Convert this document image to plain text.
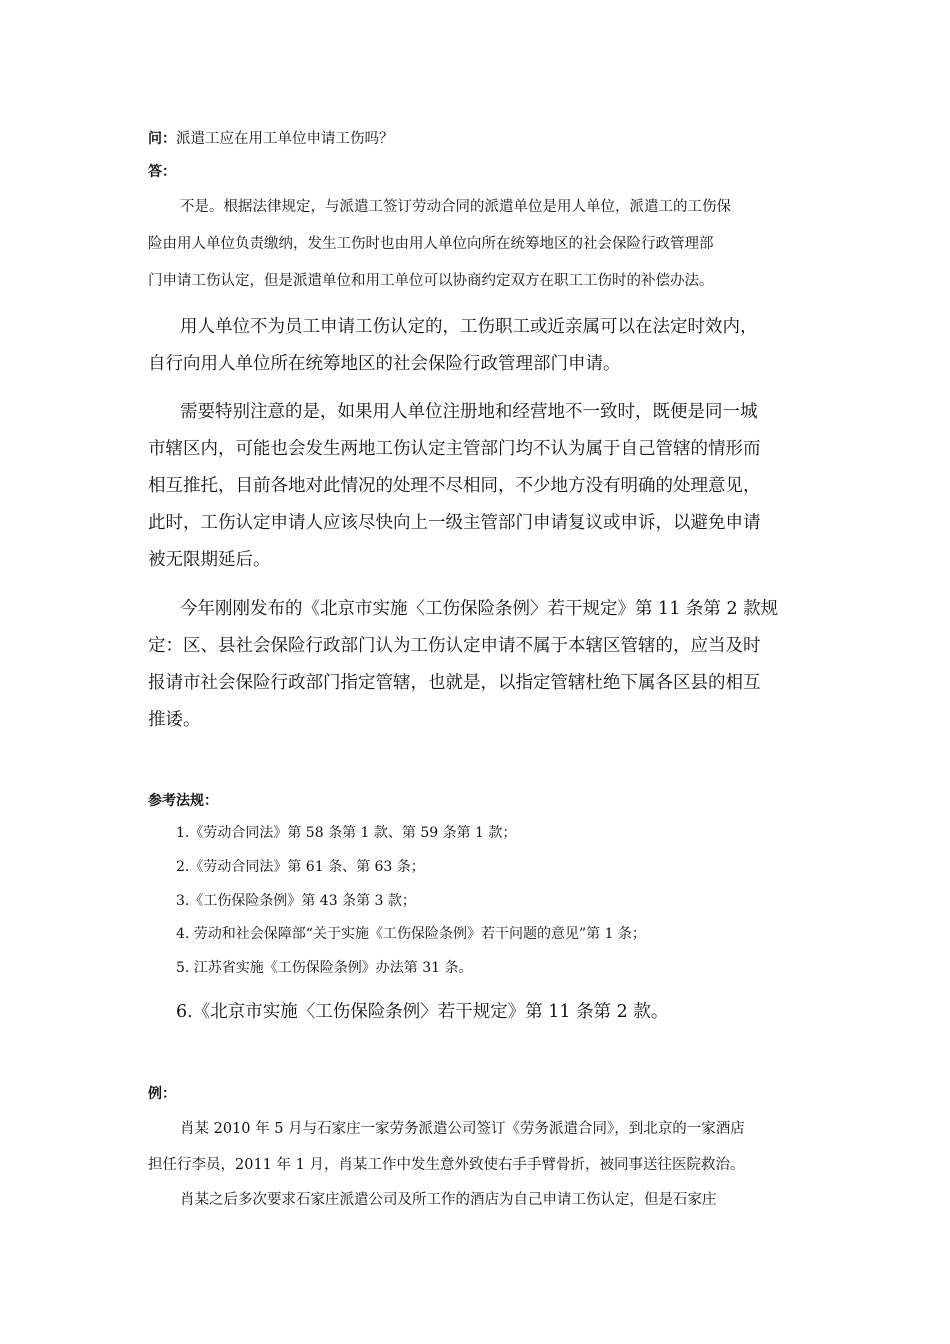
问：派遣工应在用工单位申请工伤吗？
答：
不是。根据法律规定，与派遣工签订劳动合同的派遣单位是用人单位，派遣工的工伤保
险由用人单位负责缴纳，发生工伤时也由用人单位向所在统筹地区的社会保险行政管理部
门申请工伤认定，但是派遣单位和用工单位可以协商约定双方在职工工伤时的补偿办法。
用人单位不为员工申请工伤认定的，工伤职工或近亲属可以在法定时效内，
自行向用人单位所在统筹地区的社会保险行政管理部门申请。
需要特别注意的是，如果用人单位注册地和经营地不一致时，既便是同一城
市辖区内，可能也会发生两地工伤认定主管部门均不认为属于自己管辖的情形而
相互推托，目前各地对此情况的处理不尽相同，不少地方没有明确的处理意见，
此时，工伤认定申请人应该尽快向上一级主管部门申请复议或申诉，以避免申请
被无限期延后。
今年刚刚发布的《北京市实施〈工伤保险条例〉若干规定》第 11 条第 2 款规
定：区、县社会保险行政部门认为工伤认定申请不属于本辖区管辖的，应当及时
报请市社会保险行政部门指定管辖，也就是，以指定管辖杜绝下属各区县的相互
推诿。
参考法规：
1.《劳动合同法》第 58 条第 1 款、第 59 条第 1 款；
2.《劳动合同法》第 61 条、第 63 条；
3.《工伤保险条例》第 43 条第 3 款；
4. 劳动和社会保障部“关于实施《工伤保险条例》若干问题的意见”第 1 条；
5. 江苏省实施《工伤保险条例》办法第 31 条。
6.《北京市实施〈工伤保险条例〉若干规定》第 11 条第 2 款。
例：
肖某 2010 年 5 月与石家庄一家劳务派遣公司签订《劳务派遣合同》，到北京的一家酒店
担任行李员，2011 年 1 月，肖某工作中发生意外致使右手手臂骨折，被同事送往医院救治。
肖某之后多次要求石家庄派遣公司及所工作的酒店为自己申请工伤认定，但是石家庄
